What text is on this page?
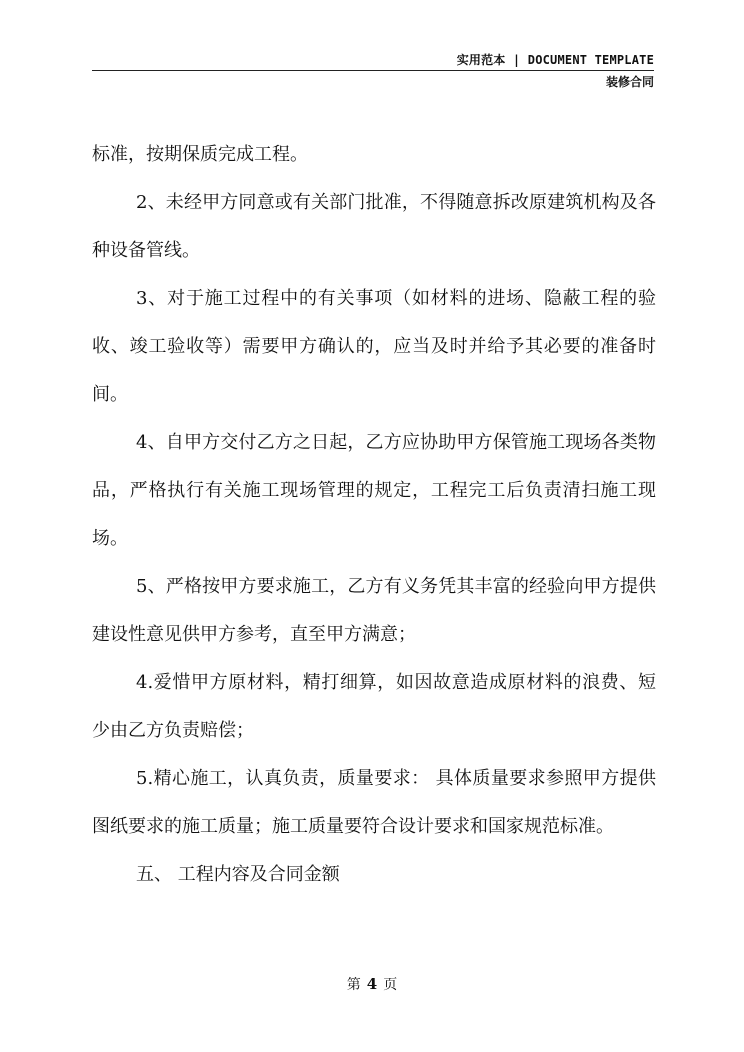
实用范本 | DOCUMENT TEMPLATE
装修合同

标准，按期保质完成工程。

2、未经甲方同意或有关部门批准，不得随意拆改原建筑机构及各种设备管线。

3、对于施工过程中的有关事项（如材料的进场、隐蔽工程的验收、竣工验收等）需要甲方确认的，应当及时并给予其必要的准备时间。

4、自甲方交付乙方之日起，乙方应协助甲方保管施工现场各类物品，严格执行有关施工现场管理的规定，工程完工后负责清扫施工现场。

5、严格按甲方要求施工，乙方有义务凭其丰富的经验向甲方提供建设性意见供甲方参考，直至甲方满意；

4.爱惜甲方原材料，精打细算，如因故意造成原材料的浪费、短少由乙方负责赔偿；

5.精心施工，认真负责，质量要求： 具体质量要求参照甲方提供图纸要求的施工质量；施工质量要符合设计要求和国家规范标准。

五、 工程内容及合同金额

第 4 页
